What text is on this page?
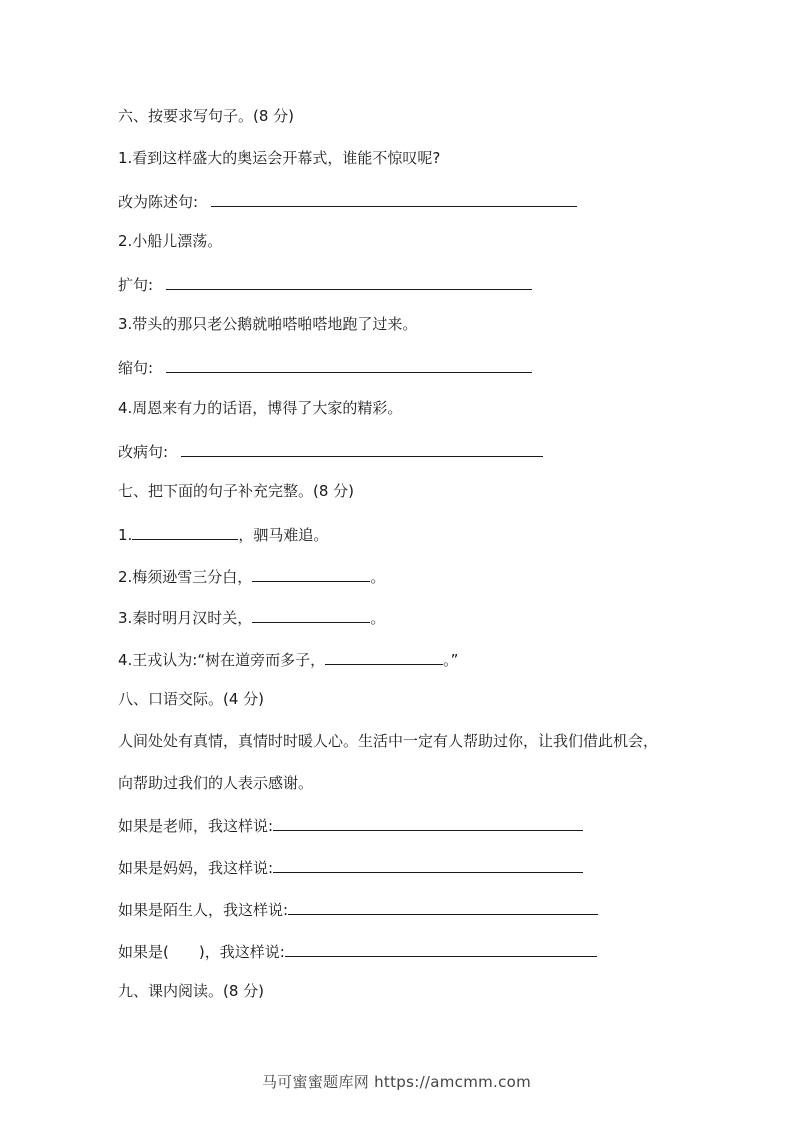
六、按要求写句子。(8 分)
1.看到这样盛大的奥运会开幕式，谁能不惊叹呢?
改为陈述句:
2.小船儿漂荡。
扩句:
3.带头的那只老公鹅就啪嗒啪嗒地跑了过来。
缩句:
4.周恩来有力的话语，博得了大家的精彩。
改病句:
七、把下面的句子补充完整。(8 分)
1.	，驷马难追。
2.梅须逊雪三分白，	。
3.秦时明月汉时关，	。
4.王戎认为:“树在道旁而多子，	。”
八、口语交际。(4 分)
人间处处有真情，真情时时暖人心。生活中一定有人帮助过你，让我们借此机会，
向帮助过我们的人表示感谢。
如果是老师，我这样说:
如果是妈妈，我这样说:
如果是陌生人，我这样说:
如果是( )，我这样说:
九、课内阅读。(8 分)
马可蜜蜜题库网 https://amcmm.com
